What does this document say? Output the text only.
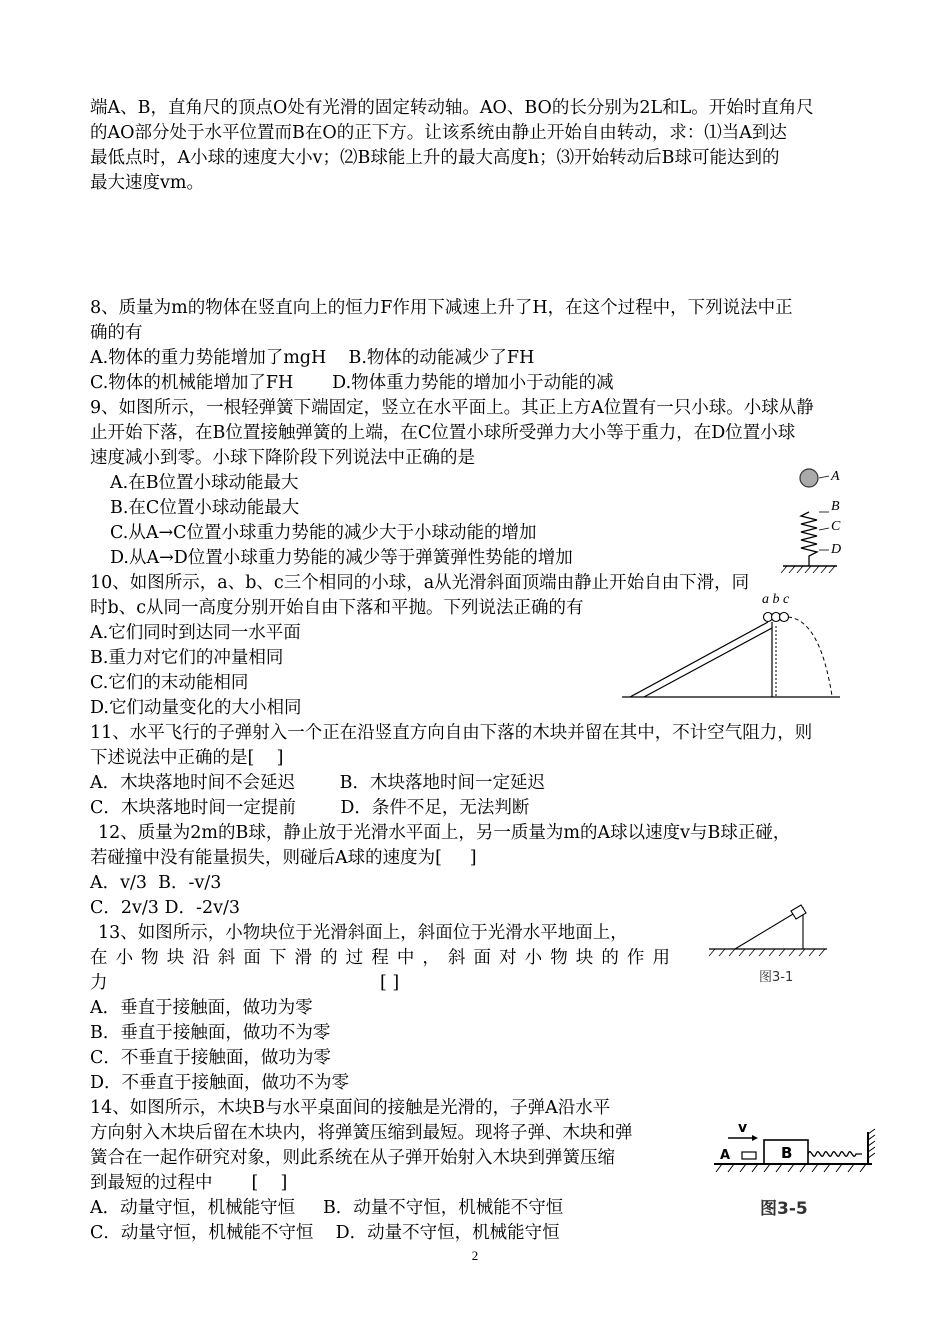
端A、B，直角尺的顶点O处有光滑的固定转动轴。AO、BO的长分别为2L和L。开始时直角尺
的AO部分处于水平位置而B在O的正下方。让该系统由静止开始自由转动，求：⑴当A到达
最低点时，A小球的速度大小v；⑵B球能上升的最大高度h；⑶开始转动后B球可能达到的
最大速度vm。
8、质量为m的物体在竖直向上的恒力F作用下减速上升了H，在这个过程中，下列说法中正
确的有
A.物体的重力势能增加了mgH    B.物体的动能减少了FH
C.物体的机械能增加了FH       D.物体重力势能的增加小于动能的减
9、如图所示，一根轻弹簧下端固定，竖立在水平面上。其正上方A位置有一只小球。小球从静
止开始下落，在B位置接触弹簧的上端，在C位置小球所受弹力大小等于重力，在D位置小球
速度减小到零。小球下降阶段下列说法中正确的是
A.在B位置小球动能最大
B.在C位置小球动能最大
C.从A→C位置小球重力势能的减少大于小球动能的增加
D.从A→D位置小球重力势能的减少等于弹簧弹性势能的增加
A
B
C
D
10、如图所示，a、b、c三个相同的小球，a从光滑斜面顶端由静止开始自由下滑，同
时b、c从同一高度分别开始自由下落和平抛。下列说法正确的有
A.它们同时到达同一水平面
B.重力对它们的冲量相同
C.它们的末动能相同
D.它们动量变化的大小相同
a b c
11、水平飞行的子弹射入一个正在沿竖直方向自由下落的木块并留在其中，不计空气阻力，则
下述说法中正确的是[    ]
A．木块落地时间不会延迟        B．木块落地时间一定延迟
C．木块落地时间一定提前        D．条件不足，无法判断
12、质量为2m的B球，静止放于光滑水平面上，另一质量为m的A球以速度v与B球正碰，
若碰撞中没有能量损失，则碰后A球的速度为[     ]
A．v/3  B．-v/3
C．2v/3 D．-2v/3
13、如图所示，小物块位于光滑斜面上，斜面位于光滑水平地面上，
在小物块沿斜面下滑的过程中，斜面对小物块的作用
力	[ ]
A．垂直于接触面，做功为零
B．垂直于接触面，做功不为零
C．不垂直于接触面，做功为零
D．不垂直于接触面，做功不为零
图3-1
14、如图所示，木块B与水平桌面间的接触是光滑的，子弹A沿水平
方向射入木块后留在木块内，将弹簧压缩到最短。现将子弹、木块和弹
簧合在一起作研究对象，则此系统在从子弹开始射入木块到弹簧压缩
到最短的过程中       [    ]
A．动量守恒，机械能守恒     B．动量不守恒，机械能不守恒
C．动量守恒，机械能不守恒    D．动量不守恒，机械能守恒
v
A	B
图3-5
2
